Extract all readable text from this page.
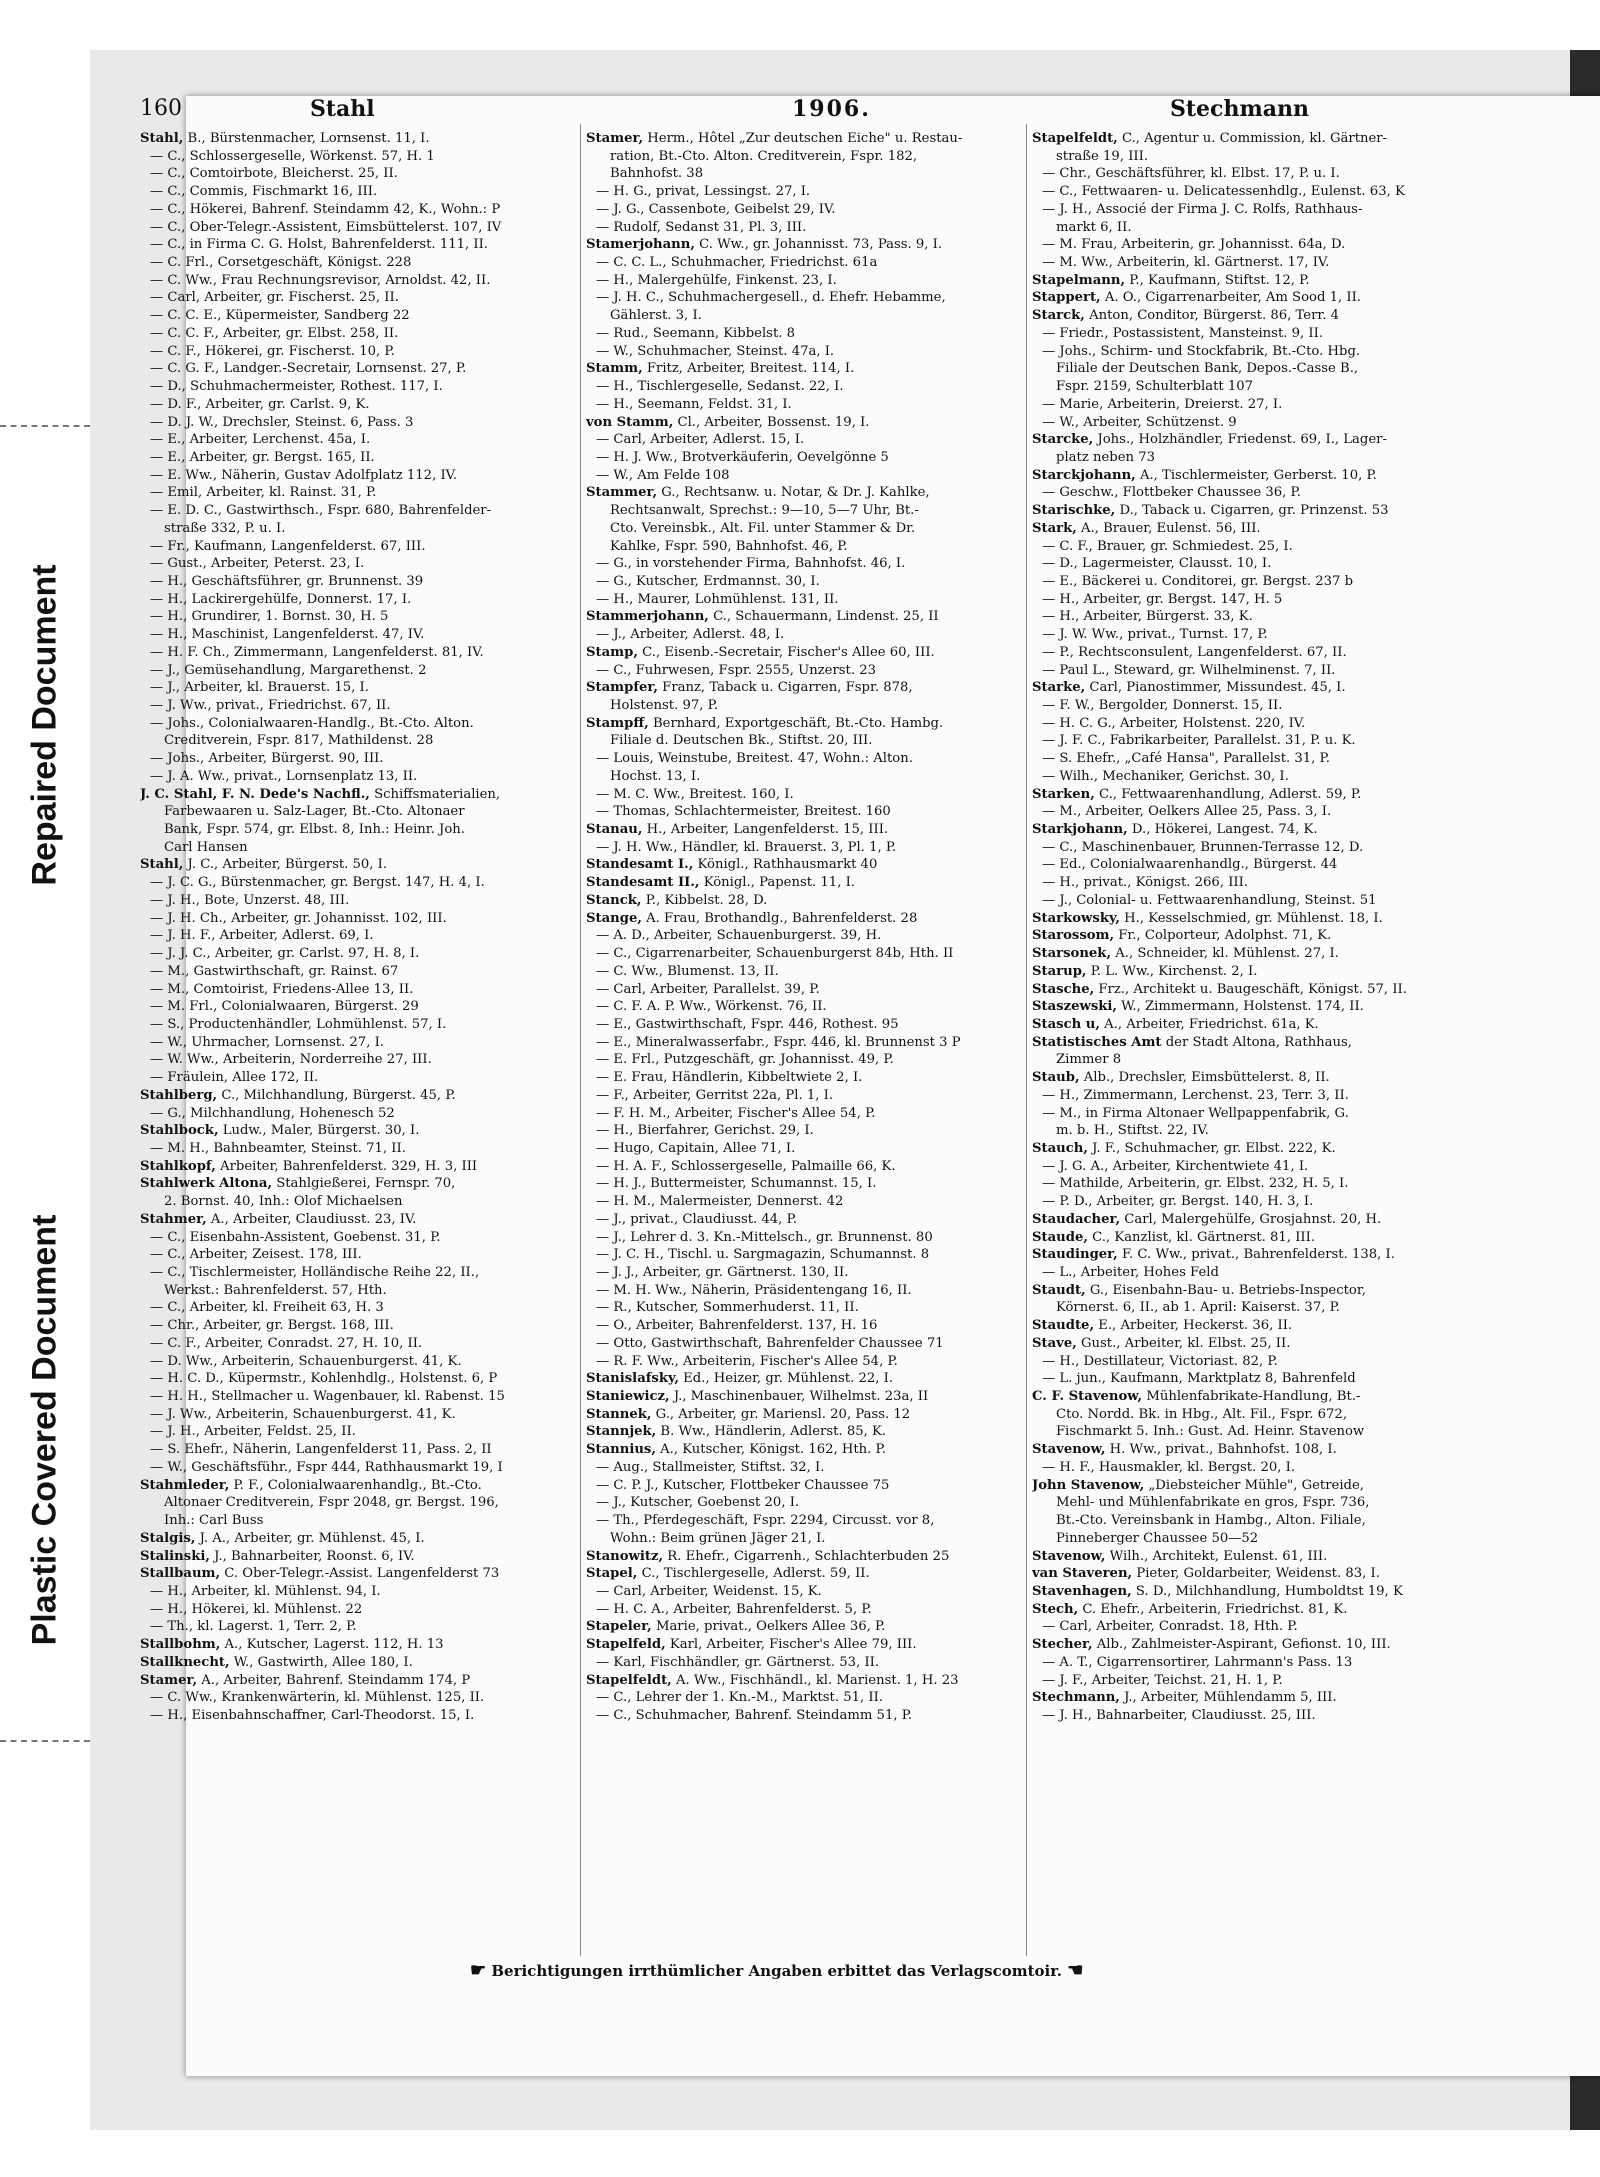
Repaired Document
Plastic Covered Document
160	Stahl	1906.	Stechmann

Stahl, B., Bürstenmacher, Lornsenst. 11, I.

— C., Schlossergeselle, Wörkenst. 57, H. 1

— C., Comtoirbote, Bleicherst. 25, II.

— C., Commis, Fischmarkt 16, III.

— C., Hökerei, Bahrenf. Steindamm 42, K., Wohn.: P

— C., Ober-Telegr.-Assistent, Eimsbüttelerst. 107, IV

— C., in Firma C. G. Holst, Bahrenfelderst. 111, II.

— C. Frl., Corsetgeschäft, Königst. 228

— C. Ww., Frau Rechnungsrevisor, Arnoldst. 42, II.

— Carl, Arbeiter, gr. Fischerst. 25, II.

— C. C. E., Küpermeister, Sandberg 22

— C. C. F., Arbeiter, gr. Elbst. 258, II.

— C. F., Hökerei, gr. Fischerst. 10, P.

— C. G. F., Landger.-Secretair, Lornsenst. 27, P.

— D., Schuhmachermeister, Rothest. 117, I.

— D. F., Arbeiter, gr. Carlst. 9, K.

— D. J. W., Drechsler, Steinst. 6, Pass. 3

— E., Arbeiter, Lerchenst. 45a, I.

— E., Arbeiter, gr. Bergst. 165, II.

— E. Ww., Näherin, Gustav Adolfplatz 112, IV.

— Emil, Arbeiter, kl. Rainst. 31, P.

— E. D. C., Gastwirthsch., Fspr. 680, Bahrenfelder-

straße 332, P. u. I.

— Fr., Kaufmann, Langenfelderst. 67, III.

— Gust., Arbeiter, Peterst. 23, I.

— H., Geschäftsführer, gr. Brunnenst. 39

— H., Lackirergehülfe, Donnerst. 17, I.

— H., Grundirer, 1. Bornst. 30, H. 5

— H., Maschinist, Langenfelderst. 47, IV.

— H. F. Ch., Zimmermann, Langenfelderst. 81, IV.

— J., Gemüsehandlung, Margarethenst. 2

— J., Arbeiter, kl. Brauerst. 15, I.

— J. Ww., privat., Friedrichst. 67, II.

— Johs., Colonialwaaren-Handlg., Bt.-Cto. Alton.

Creditverein, Fspr. 817, Mathildenst. 28

— Johs., Arbeiter, Bürgerst. 90, III.

— J. A. Ww., privat., Lornsenplatz 13, II.

J. C. Stahl, F. N. Dede's Nachfl., Schiffsmaterialien,

Farbewaaren u. Salz-Lager, Bt.-Cto. Altonaer

Bank, Fspr. 574, gr. Elbst. 8, Inh.: Heinr. Joh.

Carl Hansen

Stahl, J. C., Arbeiter, Bürgerst. 50, I.

— J. C. G., Bürstenmacher, gr. Bergst. 147, H. 4, I.

— J. H., Bote, Unzerst. 48, III.

— J. H. Ch., Arbeiter, gr. Johannisst. 102, III.

— J. H. F., Arbeiter, Adlerst. 69, I.

— J. J. C., Arbeiter, gr. Carlst. 97, H. 8, I.

— M., Gastwirthschaft, gr. Rainst. 67

— M., Comtoirist, Friedens-Allee 13, II.

— M. Frl., Colonialwaaren, Bürgerst. 29

— S., Productenhändler, Lohmühlenst. 57, I.

— W., Uhrmacher, Lornsenst. 27, I.

— W. Ww., Arbeiterin, Norderreihe 27, III.

— Fräulein, Allee 172, II.

Stahlberg, C., Milchhandlung, Bürgerst. 45, P.

— G., Milchhandlung, Hohenesch 52

Stahlbock, Ludw., Maler, Bürgerst. 30, I.

— M. H., Bahnbeamter, Steinst. 71, II.

Stahlkopf, Arbeiter, Bahrenfelderst. 329, H. 3, III

Stahlwerk Altona, Stahlgießerei, Fernspr. 70,

2. Bornst. 40, Inh.: Olof Michaelsen

Stahmer, A., Arbeiter, Claudiusst. 23, IV.

— C., Eisenbahn-Assistent, Goebenst. 31, P.

— C., Arbeiter, Zeisest. 178, III.

— C., Tischlermeister, Holländische Reihe 22, II.,

Werkst.: Bahrenfelderst. 57, Hth.

— C., Arbeiter, kl. Freiheit 63, H. 3

— Chr., Arbeiter, gr. Bergst. 168, III.

— C. F., Arbeiter, Conradst. 27, H. 10, II.

— D. Ww., Arbeiterin, Schauenburgerst. 41, K.

— H. C. D., Küpermstr., Kohlenhdlg., Holstenst. 6, P

— H. H., Stellmacher u. Wagenbauer, kl. Rabenst. 15

— J. Ww., Arbeiterin, Schauenburgerst. 41, K.

— J. H., Arbeiter, Feldst. 25, II.

— S. Ehefr., Näherin, Langenfelderst 11, Pass. 2, II

— W., Geschäftsführ., Fspr 444, Rathhausmarkt 19, I

Stahmleder, P. F., Colonialwaarenhandlg., Bt.-Cto.

Altonaer Creditverein, Fspr 2048, gr. Bergst. 196,

Inh.: Carl Buss

Stalgis, J. A., Arbeiter, gr. Mühlenst. 45, I.

Stalinski, J., Bahnarbeiter, Roonst. 6, IV.

Stallbaum, C. Ober-Telegr.-Assist. Langenfelderst 73

— H., Arbeiter, kl. Mühlenst. 94, I.

— H., Hökerei, kl. Mühlenst. 22

— Th., kl. Lagerst. 1, Terr. 2, P.

Stallbohm, A., Kutscher, Lagerst. 112, H. 13

Stallknecht, W., Gastwirth, Allee 180, I.

Stamer, A., Arbeiter, Bahrenf. Steindamm 174, P

— C. Ww., Krankenwärterin, kl. Mühlenst. 125, II.

— H., Eisenbahnschaffner, Carl-Theodorst. 15, I.

Stamer, Herm., Hôtel „Zur deutschen Eiche" u. Restau-

ration, Bt.-Cto. Alton. Creditverein, Fspr. 182,

Bahnhofst. 38

— H. G., privat, Lessingst. 27, I.

— J. G., Cassenbote, Geibelst 29, IV.

— Rudolf, Sedanst 31, Pl. 3, III.

Stamerjohann, C. Ww., gr. Johannisst. 73, Pass. 9, I.

— C. C. L., Schuhmacher, Friedrichst. 61a

— H., Malergehülfe, Finkenst. 23, I.

— J. H. C., Schuhmachergesell., d. Ehefr. Hebamme,

Gählerst. 3, I.

— Rud., Seemann, Kibbelst. 8

— W., Schuhmacher, Steinst. 47a, I.

Stamm, Fritz, Arbeiter, Breitest. 114, I.

— H., Tischlergeselle, Sedanst. 22, I.

— H., Seemann, Feldst. 31, I.

von Stamm, Cl., Arbeiter, Bossenst. 19, I.

— Carl, Arbeiter, Adlerst. 15, I.

— H. J. Ww., Brotverkäuferin, Oevelgönne 5

— W., Am Felde 108

Stammer, G., Rechtsanw. u. Notar, & Dr. J. Kahlke,

Rechtsanwalt, Sprechst.: 9—10, 5—7 Uhr, Bt.-

Cto. Vereinsbk., Alt. Fil. unter Stammer & Dr.

Kahlke, Fspr. 590, Bahnhofst. 46, P.

— G., in vorstehender Firma, Bahnhofst. 46, I.

— G., Kutscher, Erdmannst. 30, I.

— H., Maurer, Lohmühlenst. 131, II.

Stammerjohann, C., Schauermann, Lindenst. 25, II

— J., Arbeiter, Adlerst. 48, I.

Stamp, C., Eisenb.-Secretair, Fischer's Allee 60, III.

— C., Fuhrwesen, Fspr. 2555, Unzerst. 23

Stampfer, Franz, Taback u. Cigarren, Fspr. 878,

Holstenst. 97, P.

Stampff, Bernhard, Exportgeschäft, Bt.-Cto. Hambg.

Filiale d. Deutschen Bk., Stiftst. 20, III.

— Louis, Weinstube, Breitest. 47, Wohn.: Alton.

Hochst. 13, I.

— M. C. Ww., Breitest. 160, I.

— Thomas, Schlachtermeister, Breitest. 160

Stanau, H., Arbeiter, Langenfelderst. 15, III.

— J. H. Ww., Händler, kl. Brauerst. 3, Pl. 1, P.

Standesamt I., Königl., Rathhausmarkt 40

Standesamt II., Königl., Papenst. 11, I.

Stanck, P., Kibbelst. 28, D.

Stange, A. Frau, Brothandlg., Bahrenfelderst. 28

— A. D., Arbeiter, Schauenburgerst. 39, H.

— C., Cigarrenarbeiter, Schauenburgerst 84b, Hth. II

— C. Ww., Blumenst. 13, II.

— Carl, Arbeiter, Parallelst. 39, P.

— C. F. A. P. Ww., Wörkenst. 76, II.

— E., Gastwirthschaft, Fspr. 446, Rothest. 95

— E., Mineralwasserfabr., Fspr. 446, kl. Brunnenst 3 P

— E. Frl., Putzgeschäft, gr. Johannisst. 49, P.

— E. Frau, Händlerin, Kibbeltwiete 2, I.

— F., Arbeiter, Gerritst 22a, Pl. 1, I.

— F. H. M., Arbeiter, Fischer's Allee 54, P.

— H., Bierfahrer, Gerichst. 29, I.

— Hugo, Capitain, Allee 71, I.

— H. A. F., Schlossergeselle, Palmaille 66, K.

— H. J., Buttermeister, Schumannst. 15, I.

— H. M., Malermeister, Dennerst. 42

— J., privat., Claudiusst. 44, P.

— J., Lehrer d. 3. Kn.-Mittelsch., gr. Brunnenst. 80

— J. C. H., Tischl. u. Sargmagazin, Schumannst. 8

— J. J., Arbeiter, gr. Gärtnerst. 130, II.

— M. H. Ww., Näherin, Präsidentengang 16, II.

— R., Kutscher, Sommerhuderst. 11, II.

— O., Arbeiter, Bahrenfelderst. 137, H. 16

— Otto, Gastwirthschaft, Bahrenfelder Chaussee 71

— R. F. Ww., Arbeiterin, Fischer's Allee 54, P.

Stanislafsky, Ed., Heizer, gr. Mühlenst. 22, I.

Staniewicz, J., Maschinenbauer, Wilhelmst. 23a, II

Stannek, G., Arbeiter, gr. Mariensl. 20, Pass. 12

Stannjek, B. Ww., Händlerin, Adlerst. 85, K.

Stannius, A., Kutscher, Königst. 162, Hth. P.

— Aug., Stallmeister, Stiftst. 32, I.

— C. P. J., Kutscher, Flottbeker Chaussee 75

— J., Kutscher, Goebenst 20, I.

— Th., Pferdegeschäft, Fspr. 2294, Circusst. vor 8,

Wohn.: Beim grünen Jäger 21, I.

Stanowitz, R. Ehefr., Cigarrenh., Schlachterbuden 25

Stapel, C., Tischlergeselle, Adlerst. 59, II.

— Carl, Arbeiter, Weidenst. 15, K.

— H. C. A., Arbeiter, Bahrenfelderst. 5, P.

Stapeler, Marie, privat., Oelkers Allee 36, P.

Stapelfeld, Karl, Arbeiter, Fischer's Allee 79, III.

— Karl, Fischhändler, gr. Gärtnerst. 53, II.

Stapelfeldt, A. Ww., Fischhändl., kl. Marienst. 1, H. 23

— C., Lehrer der 1. Kn.-M., Marktst. 51, II.

— C., Schuhmacher, Bahrenf. Steindamm 51, P.

Stapelfeldt, C., Agentur u. Commission, kl. Gärtner-

straße 19, III.

— Chr., Geschäftsführer, kl. Elbst. 17, P. u. I.

— C., Fettwaaren- u. Delicatessenhdlg., Eulenst. 63, K

— J. H., Associé der Firma J. C. Rolfs, Rathhaus-

markt 6, II.

— M. Frau, Arbeiterin, gr. Johannisst. 64a, D.

— M. Ww., Arbeiterin, kl. Gärtnerst. 17, IV.

Stapelmann, P., Kaufmann, Stiftst. 12, P.

Stappert, A. O., Cigarrenarbeiter, Am Sood 1, II.

Starck, Anton, Conditor, Bürgerst. 86, Terr. 4

— Friedr., Postassistent, Mansteinst. 9, II.

— Johs., Schirm- und Stockfabrik, Bt.-Cto. Hbg.

Filiale der Deutschen Bank, Depos.-Casse B.,

Fspr. 2159, Schulterblatt 107

— Marie, Arbeiterin, Dreierst. 27, I.

— W., Arbeiter, Schützenst. 9

Starcke, Johs., Holzhändler, Friedenst. 69, I., Lager-

platz neben 73

Starckjohann, A., Tischlermeister, Gerberst. 10, P.

— Geschw., Flottbeker Chaussee 36, P.

Starischke, D., Taback u. Cigarren, gr. Prinzenst. 53

Stark, A., Brauer, Eulenst. 56, III.

— C. F., Brauer, gr. Schmiedest. 25, I.

— D., Lagermeister, Clausst. 10, I.

— E., Bäckerei u. Conditorei, gr. Bergst. 237 b

— H., Arbeiter, gr. Bergst. 147, H. 5

— H., Arbeiter, Bürgerst. 33, K.

— J. W. Ww., privat., Turnst. 17, P.

— P., Rechtsconsulent, Langenfelderst. 67, II.

— Paul L., Steward, gr. Wilhelminenst. 7, II.

Starke, Carl, Pianostimmer, Missundest. 45, I.

— F. W., Bergolder, Donnerst. 15, II.

— H. C. G., Arbeiter, Holstenst. 220, IV.

— J. F. C., Fabrikarbeiter, Parallelst. 31, P. u. K.

— S. Ehefr., „Café Hansa", Parallelst. 31, P.

— Wilh., Mechaniker, Gerichst. 30, I.

Starken, C., Fettwaarenhandlung, Adlerst. 59, P.

— M., Arbeiter, Oelkers Allee 25, Pass. 3, I.

Starkjohann, D., Hökerei, Langest. 74, K.

— C., Maschinenbauer, Brunnen-Terrasse 12, D.

— Ed., Colonialwaarenhandlg., Bürgerst. 44

— H., privat., Königst. 266, III.

— J., Colonial- u. Fettwaarenhandlung, Steinst. 51

Starkowsky, H., Kesselschmied, gr. Mühlenst. 18, I.

Starossom, Fr., Colporteur, Adolphst. 71, K.

Starsonek, A., Schneider, kl. Mühlenst. 27, I.

Starup, P. L. Ww., Kirchenst. 2, I.

Stasche, Frz., Architekt u. Baugeschäft, Königst. 57, II.

Staszewski, W., Zimmermann, Holstenst. 174, II.

Stasch u, A., Arbeiter, Friedrichst. 61a, K.

Statistisches Amt der Stadt Altona, Rathhaus,

Zimmer 8

Staub, Alb., Drechsler, Eimsbüttelerst. 8, II.

— H., Zimmermann, Lerchenst. 23, Terr. 3, II.

— M., in Firma Altonaer Wellpappenfabrik, G.

m. b. H., Stiftst. 22, IV.

Stauch, J. F., Schuhmacher, gr. Elbst. 222, K.

— J. G. A., Arbeiter, Kirchentwiete 41, I.

— Mathilde, Arbeiterin, gr. Elbst. 232, H. 5, I.

— P. D., Arbeiter, gr. Bergst. 140, H. 3, I.

Staudacher, Carl, Malergehülfe, Grosjahnst. 20, H.

Staude, C., Kanzlist, kl. Gärtnerst. 81, III.

Staudinger, F. C. Ww., privat., Bahrenfelderst. 138, I.

— L., Arbeiter, Hohes Feld

Staudt, G., Eisenbahn-Bau- u. Betriebs-Inspector,

Körnerst. 6, II., ab 1. April: Kaiserst. 37, P.

Staudte, E., Arbeiter, Heckerst. 36, II.

Stave, Gust., Arbeiter, kl. Elbst. 25, II.

— H., Destillateur, Victoriast. 82, P.

— L. jun., Kaufmann, Marktplatz 8, Bahrenfeld

C. F. Stavenow, Mühlenfabrikate-Handlung, Bt.-

Cto. Nordd. Bk. in Hbg., Alt. Fil., Fspr. 672,

Fischmarkt 5. Inh.: Gust. Ad. Heinr. Stavenow

Stavenow, H. Ww., privat., Bahnhofst. 108, I.

— H. F., Hausmakler, kl. Bergst. 20, I.

John Stavenow, „Diebsteicher Mühle", Getreide,

Mehl- und Mühlenfabrikate en gros, Fspr. 736,

Bt.-Cto. Vereinsbank in Hambg., Alton. Filiale,

Pinneberger Chaussee 50—52

Stavenow, Wilh., Architekt, Eulenst. 61, III.

van Staveren, Pieter, Goldarbeiter, Weidenst. 83, I.

Stavenhagen, S. D., Milchhandlung, Humboldtst 19, K

Stech, C. Ehefr., Arbeiterin, Friedrichst. 81, K.

— Carl, Arbeiter, Conradst. 18, Hth. P.

Stecher, Alb., Zahlmeister-Aspirant, Gefionst. 10, III.

— A. T., Cigarrensortirer, Lahrmann's Pass. 13

— J. F., Arbeiter, Teichst. 21, H. 1, P.

Stechmann, J., Arbeiter, Mühlendamm 5, III.

— J. H., Bahnarbeiter, Claudiusst. 25, III.

☛ Berichtigungen irrthümlicher Angaben erbittet das Verlagscomtoir. ☚
